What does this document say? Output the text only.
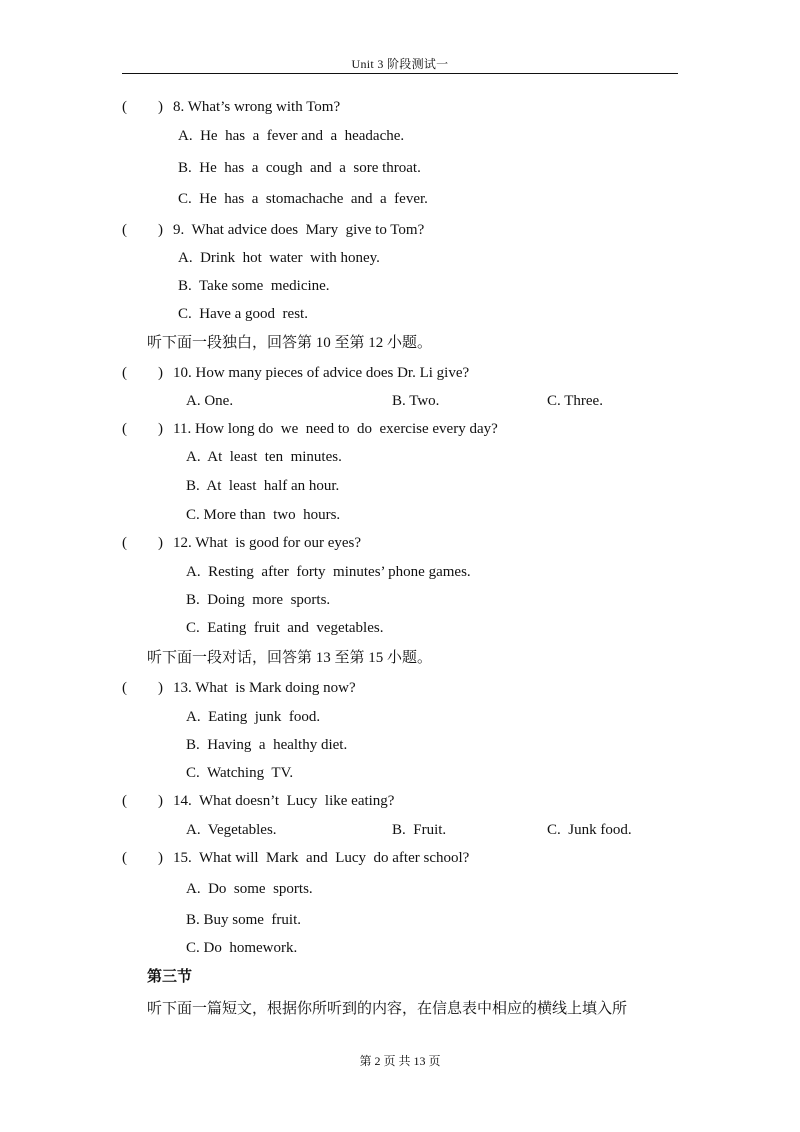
Unit 3 阶段测试一
( ) 8. What’s wrong with Tom?
A.  He  has  a  fever and  a  headache.
B.  He  has  a  cough  and  a  sore throat.
C.  He  has  a  stomachache  and  a  fever.
( ) 9.  What advice does  Mary  give to Tom?
A.  Drink  hot  water  with honey.
B.  Take some  medicine.
C.  Have a good  rest.
听下面一段独白，回答第 10 至第 12 小题。
( ) 10. How many pieces of advice does Dr. Li give?
A. One.	B. Two.	C. Three.
( ) 11. How long do  we  need to  do  exercise every day?
A.  At  least  ten  minutes.
B.  At  least  half an hour.
C. More than  two  hours.
( ) 12. What  is good for our eyes?
A.  Resting  after  forty  minutes’ phone games.
B.  Doing  more  sports.
C.  Eating  fruit  and  vegetables.
听下面一段对话，回答第 13 至第 15 小题。
( ) 13. What  is Mark doing now?
A.  Eating  junk  food.
B.  Having  a  healthy diet.
C.  Watching  TV.
( ) 14.  What doesn’t  Lucy  like eating?
A.  Vegetables.	B.  Fruit.	C.  Junk food.
( ) 15.  What will  Mark  and  Lucy  do after school?
A.  Do  some  sports.
B. Buy some  fruit.
C. Do  homework.
第三节
听下面一篇短文，根据你所听到的内容，在信息表中相应的横线上填入所
第 2 页 共 13 页
